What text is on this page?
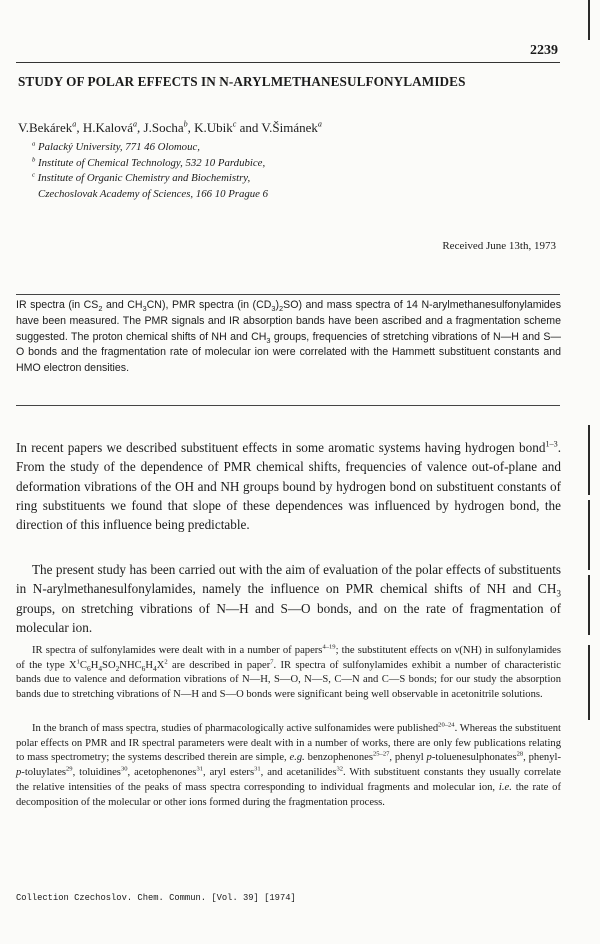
2239
STUDY OF POLAR EFFECTS IN N-ARYLMETHANESULFONYLAMIDES
V.Bekárek$^a$, H.Kalová$^a$, J.Socha$^b$, K.Ubik$^c$ and V.Šimánek$^a$
$^a$ Palacký University, 771 46 Olomouc,
$^b$ Institute of Chemical Technology, 532 10 Pardubice,
$^c$ Institute of Organic Chemistry and Biochemistry,
Czechoslovak Academy of Sciences, 166 10 Prague 6
Received June 13th, 1973
IR spectra (in $CS_2$ and $CH_3CN$), PMR spectra (in $(CD_3)_2SO$) and mass spectra of 14 N-arylmethanesulfonylamides have been measured. The PMR signals and IR absorption bands have been ascribed and a fragmentation scheme suggested. The proton chemical shifts of NH and $CH_3$ groups, frequencies of stretching vibrations of N—H and S—O bonds and the fragmentation rate of molecular ion were correlated with the Hammett substituent constants and HMO electron densities.
In recent papers we described substituent effects in some aromatic systems having hydrogen bond$^{1-3}$. From the study of the dependence of PMR chemical shifts, frequencies of valence out-of-plane and deformation vibrations of the OH and NH groups bound by hydrogen bond on substituent constants of ring substituents we found that slope of these dependences was influenced by hydrogen bond, the direction of this influence being predictable.
The present study has been carried out with the aim of evaluation of the polar effects of substituents in N-arylmethanesulfonylamides, namely the influence on PMR chemical shifts of NH and $CH_3$ groups, on stretching vibrations of N—H and S—O bonds, and on the rate of fragmentation of molecular ion.
IR spectra of sulfonylamides were dealt with in a number of papers$^{4-19}$; the substitutent effects on ν(NH) in sulfonylamides of the type $X^1C_6H_4SO_2NHC_6H_4X^2$ are described in paper$^7$. IR spectra of sulfonylamides exhibit a number of characteristic bands due to valence and deformation vibrations of N—H, S—O, N—S, C—N and C—S bonds; for our study the absorption bands due to stretching vibrations of N—H and S—O bonds were significant being well observable in acetonitrile solutions.
In the branch of mass spectra, studies of pharmacologically active sulfonamides were published$^{20-24}$. Whereas the substituent polar effects on PMR and IR spectral parameters were dealt with in a number of works, there are only few publications relating to mass spectrometry; the systems described therein are simple, e.g. benzophenones$^{25-27}$, phenyl p-toluenesulphonates$^{28}$, phenyl-p-toluylates$^{29}$, toluidines$^{30}$, acetophenones$^{31}$, aryl esters$^{31}$, and acetanilides$^{32}$. With substituent constants they usually correlate the relative intensities of the peaks of mass spectra corresponding to individual fragments and molecular ion, i.e. the rate of decomposition of the molecular or other ions formed during the fragmentation process.
Collection Czechoslov. Chem. Commun. [Vol. 39] [1974]
